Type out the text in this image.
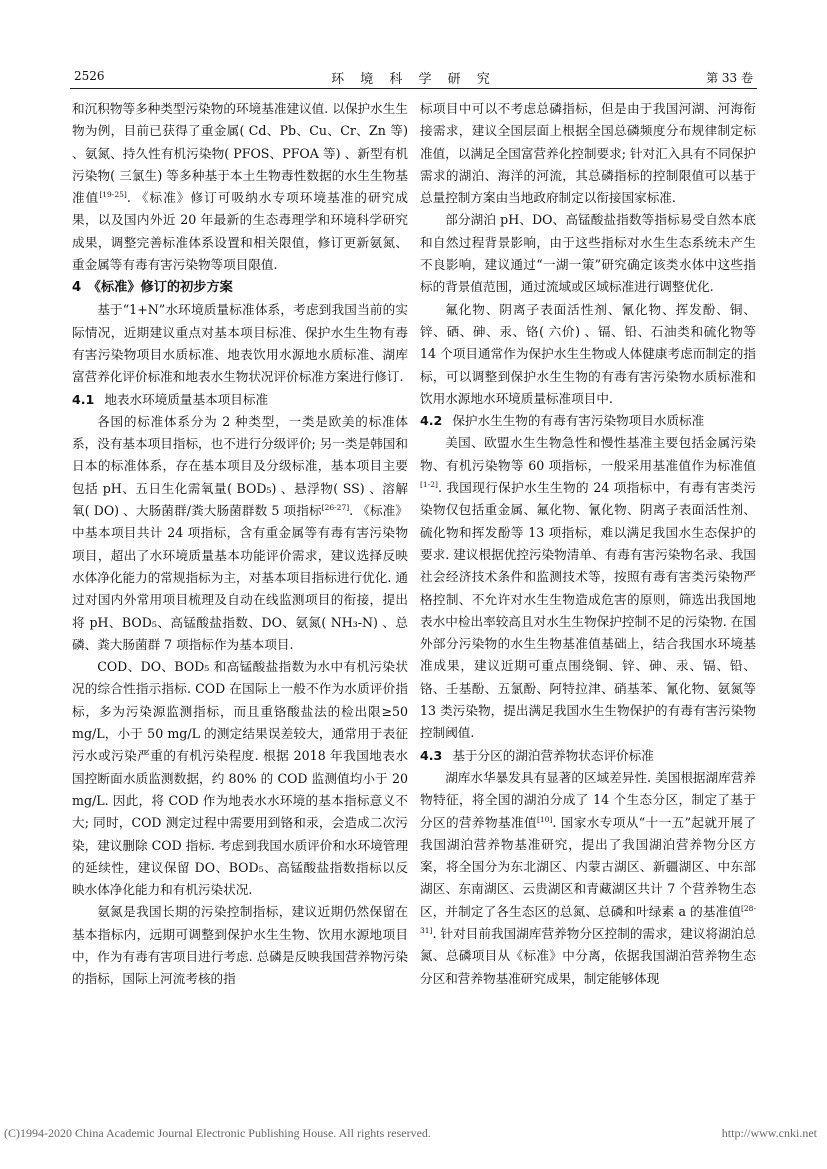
2526	环 境 科 学 研 究	第 33 卷

和沉积物等多种类型污染物的环境基准建议值. 以保护水生生物为例，目前已获得了重金属( Cd、Pb、Cu、Cr、Zn 等) 、氨氮、持久性有机污染物( PFOS、PFOA 等) 、新型有机污染物( 三氯生) 等多种基于本土生物毒性数据的水生生物基准值[19-25]. 《标准》修订可吸纳水专项环境基准的研究成果，以及国内外近 20 年最新的生态毒理学和环境科学研究成果，调整完善标准体系设置和相关限值，修订更新氨氮、重金属等有毒有害污染物等项目限值.

4　《标准》修订的初步方案

基于“1+N”水环境质量标准体系，考虑到我国当前的实际情况，近期建议重点对基本项目标准、保护水生生物有毒有害污染物项目水质标准、地表饮用水源地水质标准、湖库富营养化评价标准和地表水生物状况评价标准方案进行修订.

4.1 地表水环境质量基本项目标准

各国的标准体系分为 2 种类型，一类是欧美的标准体系，没有基本项目指标，也不进行分级评价; 另一类是韩国和日本的标准体系，存在基本项目及分级标准，基本项目主要包括 pH、五日生化需氧量( BOD₅) 、悬浮物( SS) 、溶解氧( DO) 、大肠菌群/粪大肠菌群数 5 项指标[26-27]. 《标准》中基本项目共计 24 项指标，含有重金属等有毒有害污染物项目，超出了水环境质量基本功能评价需求，建议选择反映水体净化能力的常规指标为主，对基本项目指标进行优化. 通过对国内外常用项目梳理及自动在线监测项目的衔接，提出将 pH、BOD₅、高锰酸盐指数、DO、氨氮( NH₃-N) 、总磷、粪大肠菌群 7 项指标作为基本项目.

COD、DO、BOD₅ 和高锰酸盐指数为水中有机污染状况的综合性指示指标. COD 在国际上一般不作为水质评价指标，多为污染源监测指标，而且重铬酸盐法的检出限≥50 mg/L，小于 50 mg/L 的测定结果误差较大，通常用于表征污水或污染严重的有机污染程度. 根据 2018 年我国地表水国控断面水质监测数据，约 80% 的 COD 监测值均小于 20 mg/L. 因此，将 COD 作为地表水水环境的基本指标意义不大; 同时，COD 测定过程中需要用到铬和汞，会造成二次污染，建议删除 COD 指标. 考虑到我国水质评价和水环境管理的延续性，建议保留 DO、BOD₅、高锰酸盐指数指标以反映水体净化能力和有机污染状况.

氨氮是我国长期的污染控制指标，建议近期仍然保留在基本指标内，远期可调整到保护水生生物、饮用水源地项目中，作为有毒有害项目进行考虑. 总磷是反映我国营养物污染的指标，国际上河流考核的指

标项目中可以不考虑总磷指标，但是由于我国河湖、河海衔接需求，建议全国层面上根据全国总磷频度分布规律制定标准值，以满足全国富营养化控制要求; 针对汇入具有不同保护需求的湖泊、海洋的河流，其总磷指标的控制限值可以基于总量控制方案由当地政府制定以衔接国家标准.

部分湖泊 pH、DO、高锰酸盐指数等指标易受自然本底和自然过程背景影响，由于这些指标对水生生态系统未产生不良影响，建议通过“一湖一策”研究确定该类水体中这些指标的背景值范围，通过流域或区域标准进行调整优化.

氟化物、阴离子表面活性剂、氰化物、挥发酚、铜、锌、硒、砷、汞、铬( 六价) 、镉、铅、石油类和硫化物等 14 个项目通常作为保护水生生物或人体健康考虑而制定的指标，可以调整到保护水生生物的有毒有害污染物水质标准和饮用水源地水环境质量标准项目中.

4.2 保护水生生物的有毒有害污染物项目水质标准

美国、欧盟水生生物急性和慢性基准主要包括金属污染物、有机污染物等 60 项指标，一般采用基准值作为标准值[1-2]. 我国现行保护水生生物的 24 项指标中，有毒有害类污染物仅包括重金属、氟化物、氰化物、阴离子表面活性剂、硫化物和挥发酚等 13 项指标，难以满足我国水生态保护的要求. 建议根据优控污染物清单、有毒有害污染物名录、我国社会经济技术条件和监测技术等，按照有毒有害类污染物严格控制、不允许对水生生物造成危害的原则，筛选出我国地表水中检出率较高且对水生生物保护控制不足的污染物. 在国外部分污染物的水生生物基准值基础上，结合我国水环境基准成果，建议近期可重点围绕铜、锌、砷、汞、镉、铅、铬、壬基酚、五氯酚、阿特拉津、硝基苯、氰化物、氨氮等 13 类污染物，提出满足我国水生生物保护的有毒有害污染物控制阈值.

4.3 基于分区的湖泊营养物状态评价标准

湖库水华暴发具有显著的区域差异性. 美国根据湖库营养物特征，将全国的湖泊分成了 14 个生态分区，制定了基于分区的营养物基准值[10]. 国家水专项从“十一五”起就开展了我国湖泊营养物基准研究，提出了我国湖泊营养物分区方案，将全国分为东北湖区、内蒙古湖区、新疆湖区、中东部湖区、东南湖区、云贵湖区和青藏湖区共计 7 个营养物生态区，并制定了各生态区的总氮、总磷和叶绿素 a 的基准值[28-31]. 针对目前我国湖库营养物分区控制的需求，建议将湖泊总氮、总磷项目从《标准》中分离，依据我国湖泊营养物生态分区和营养物基准研究成果，制定能够体现

(C)1994-2020 China Academic Journal Electronic Publishing House. All rights reserved.	http://www.cnki.net
